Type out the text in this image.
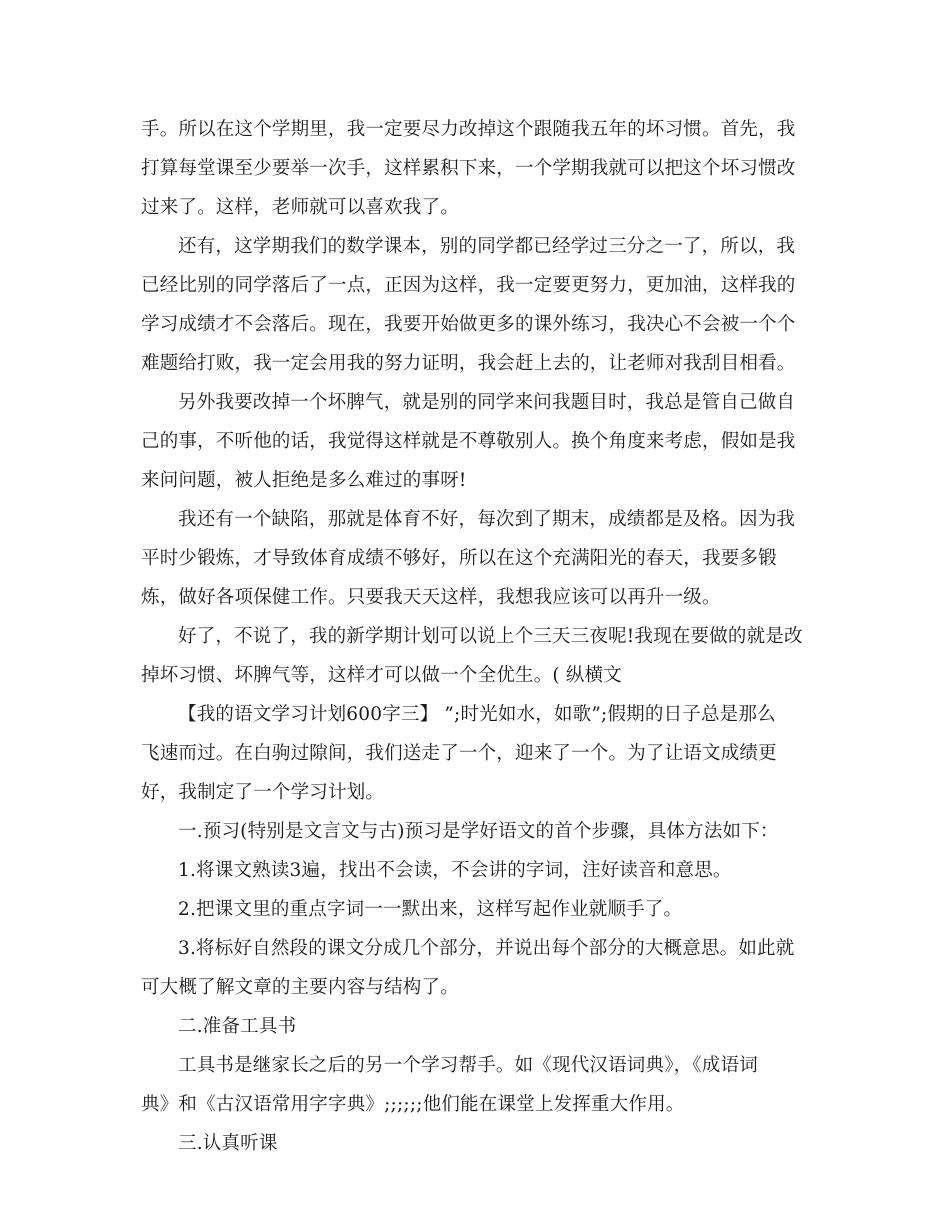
手。所以在这个学期里，我一定要尽力改掉这个跟随我五年的坏习惯。首先，我
打算每堂课至少要举一次手，这样累积下来，一个学期我就可以把这个坏习惯改
过来了。这样，老师就可以喜欢我了。
还有，这学期我们的数学课本，别的同学都已经学过三分之一了，所以，我
已经比别的同学落后了一点，正因为这样，我一定要更努力，更加油，这样我的
学习成绩才不会落后。现在，我要开始做更多的课外练习，我决心不会被一个个
难题给打败，我一定会用我的努力证明，我会赶上去的，让老师对我刮目相看。
另外我要改掉一个坏脾气，就是别的同学来问我题目时，我总是管自己做自
己的事，不听他的话，我觉得这样就是不尊敬别人。换个角度来考虑，假如是我
来问问题，被人拒绝是多么难过的事呀!
我还有一个缺陷，那就是体育不好，每次到了期末，成绩都是及格。因为我
平时少锻炼，才导致体育成绩不够好，所以在这个充满阳光的春天，我要多锻
炼，做好各项保健工作。只要我天天这样，我想我应该可以再升一级。
好了，不说了，我的新学期计划可以说上个三天三夜呢!我现在要做的就是改
掉坏习惯、坏脾气等，这样才可以做一个全优生。( 纵横文
【我的语文学习计划600字三】 ”;时光如水，如歌”;假期的日子总是那么
飞速而过。在白驹过隙间，我们送走了一个，迎来了一个。为了让语文成绩更
好，我制定了一个学习计划。
一.预习(特别是文言文与古)预习是学好语文的首个步骤，具体方法如下：
1.将课文熟读3遍，找出不会读，不会讲的字词，注好读音和意思。
2.把课文里的重点字词一一默出来，这样写起作业就顺手了。
3.将标好自然段的课文分成几个部分，并说出每个部分的大概意思。如此就
可大概了解文章的主要内容与结构了。
二.准备工具书
工具书是继家长之后的另一个学习帮手。如《现代汉语词典》，《成语词
典》和《古汉语常用字字典》;;;;;;他们能在课堂上发挥重大作用。
三.认真听课
